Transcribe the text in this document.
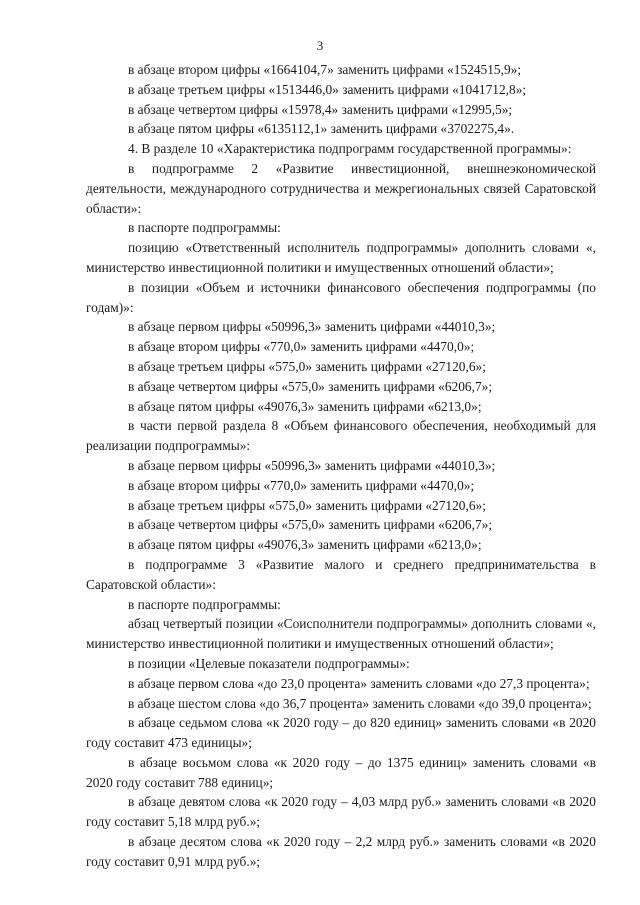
3

в абзаце втором цифры «1664104,7» заменить цифрами «1524515,9»;

в абзаце третьем цифры «1513446,0» заменить цифрами «1041712,8»;

в абзаце четвертом цифры «15978,4» заменить цифрами «12995,5»;

в абзаце пятом цифры «6135112,1» заменить цифрами «3702275,4».

4. В разделе 10 «Характеристика подпрограмм государственной программы»:

в подпрограмме 2 «Развитие инвестиционной, внешнеэкономической деятельности, международного сотрудничества и межрегиональных связей Саратовской области»:

в паспорте подпрограммы:

позицию «Ответственный исполнитель подпрограммы» дополнить словами «, министерство инвестиционной политики и имущественных отношений области»;

в позиции «Объем и источники финансового обеспечения подпрограммы (по годам)»:

в абзаце первом цифры «50996,3» заменить цифрами «44010,3»;

в абзаце втором цифры «770,0» заменить цифрами «4470,0»;

в абзаце третьем цифры «575,0» заменить цифрами «27120,6»;

в абзаце четвертом цифры «575,0» заменить цифрами «6206,7»;

в абзаце пятом цифры «49076,3» заменить цифрами «6213,0»;

в части первой раздела 8 «Объем финансового обеспечения, необходимый для реализации подпрограммы»:

в абзаце первом цифры «50996,3» заменить цифрами «44010,3»;

в абзаце втором цифры «770,0» заменить цифрами «4470,0»;

в абзаце третьем цифры «575,0» заменить цифрами «27120,6»;

в абзаце четвертом цифры «575,0» заменить цифрами «6206,7»;

в абзаце пятом цифры «49076,3» заменить цифрами «6213,0»;

в подпрограмме 3 «Развитие малого и среднего предпринимательства в Саратовской области»:

в паспорте подпрограммы:

абзац четвертый позиции «Соисполнители подпрограммы» дополнить словами «, министерство инвестиционной политики и имущественных отношений области»;

в позиции «Целевые показатели подпрограммы»:

в абзаце первом слова «до 23,0 процента» заменить словами «до 27,3 процента»;

в абзаце шестом слова «до 36,7 процента» заменить словами «до 39,0 процента»;

в абзаце седьмом слова «к 2020 году – до 820 единиц» заменить словами «в 2020 году составит 473 единицы»;

в абзаце восьмом слова «к 2020 году – до 1375 единиц» заменить словами «в 2020 году составит 788 единиц»;

в абзаце девятом слова «к 2020 году – 4,03 млрд руб.» заменить словами «в 2020 году составит 5,18 млрд руб.»;

в абзаце десятом слова «к 2020 году – 2,2 млрд руб.» заменить словами «в 2020 году составит 0,91 млрд руб.»;
